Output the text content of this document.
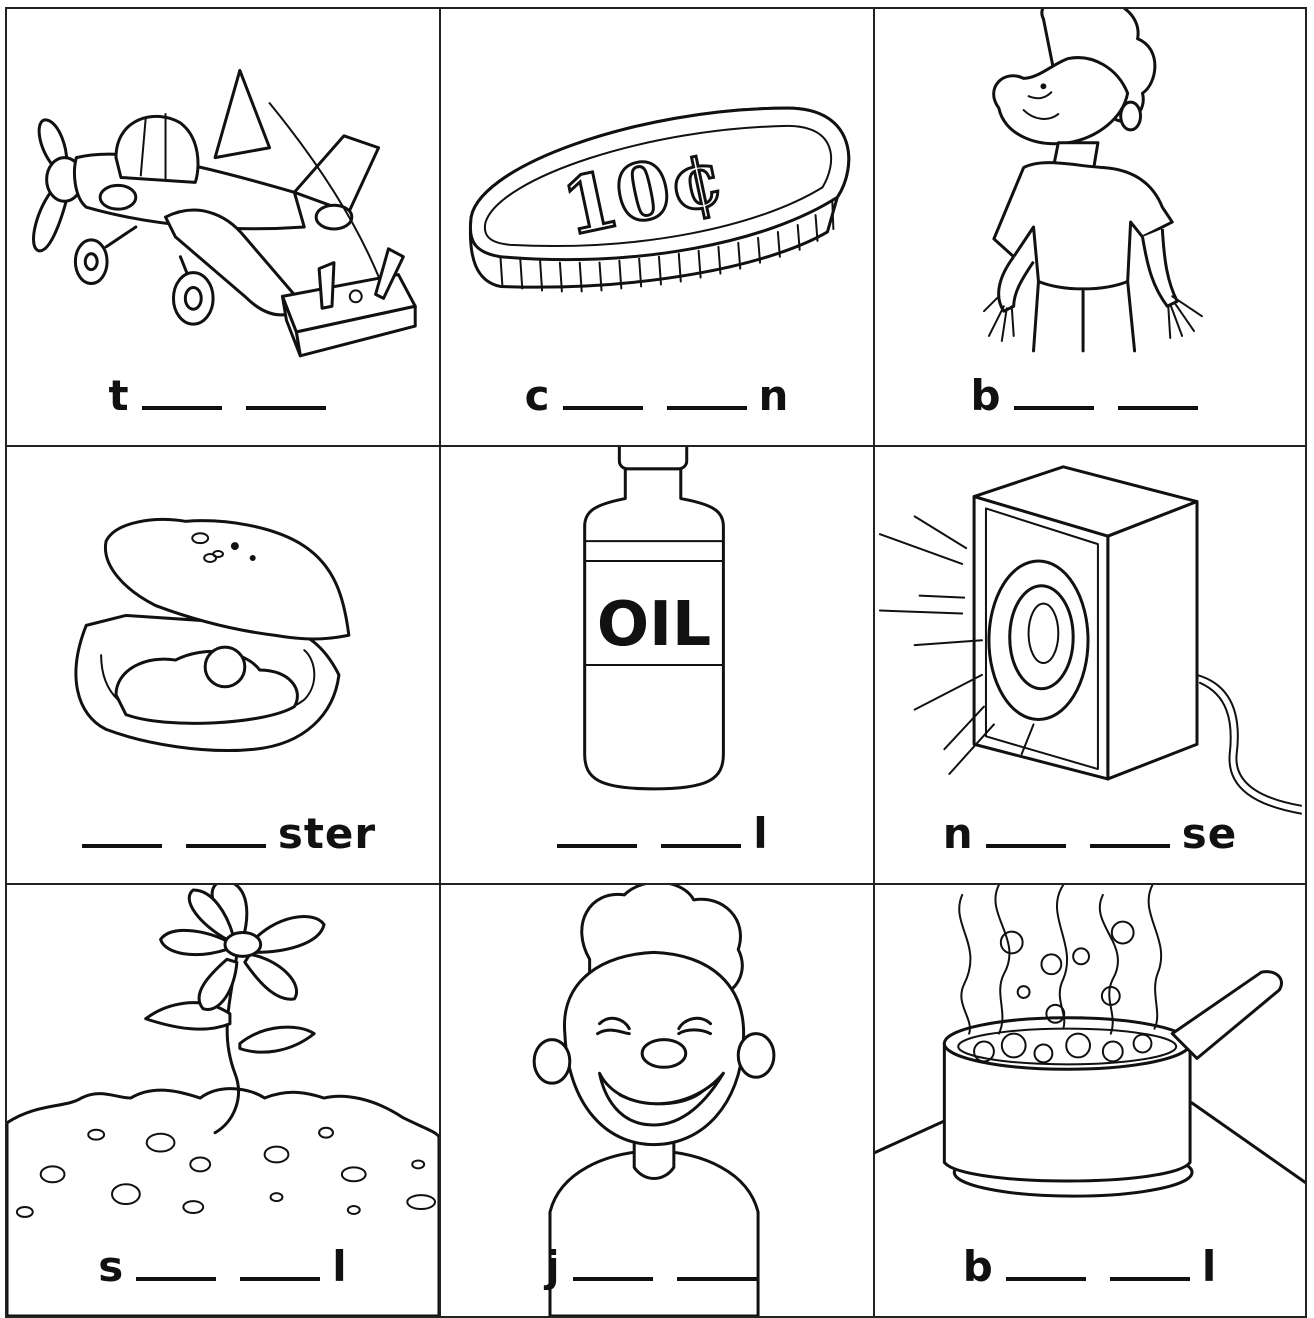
t
10¢
c	n	b
ster
OIL
l	n	se
s	l	j	b	l
